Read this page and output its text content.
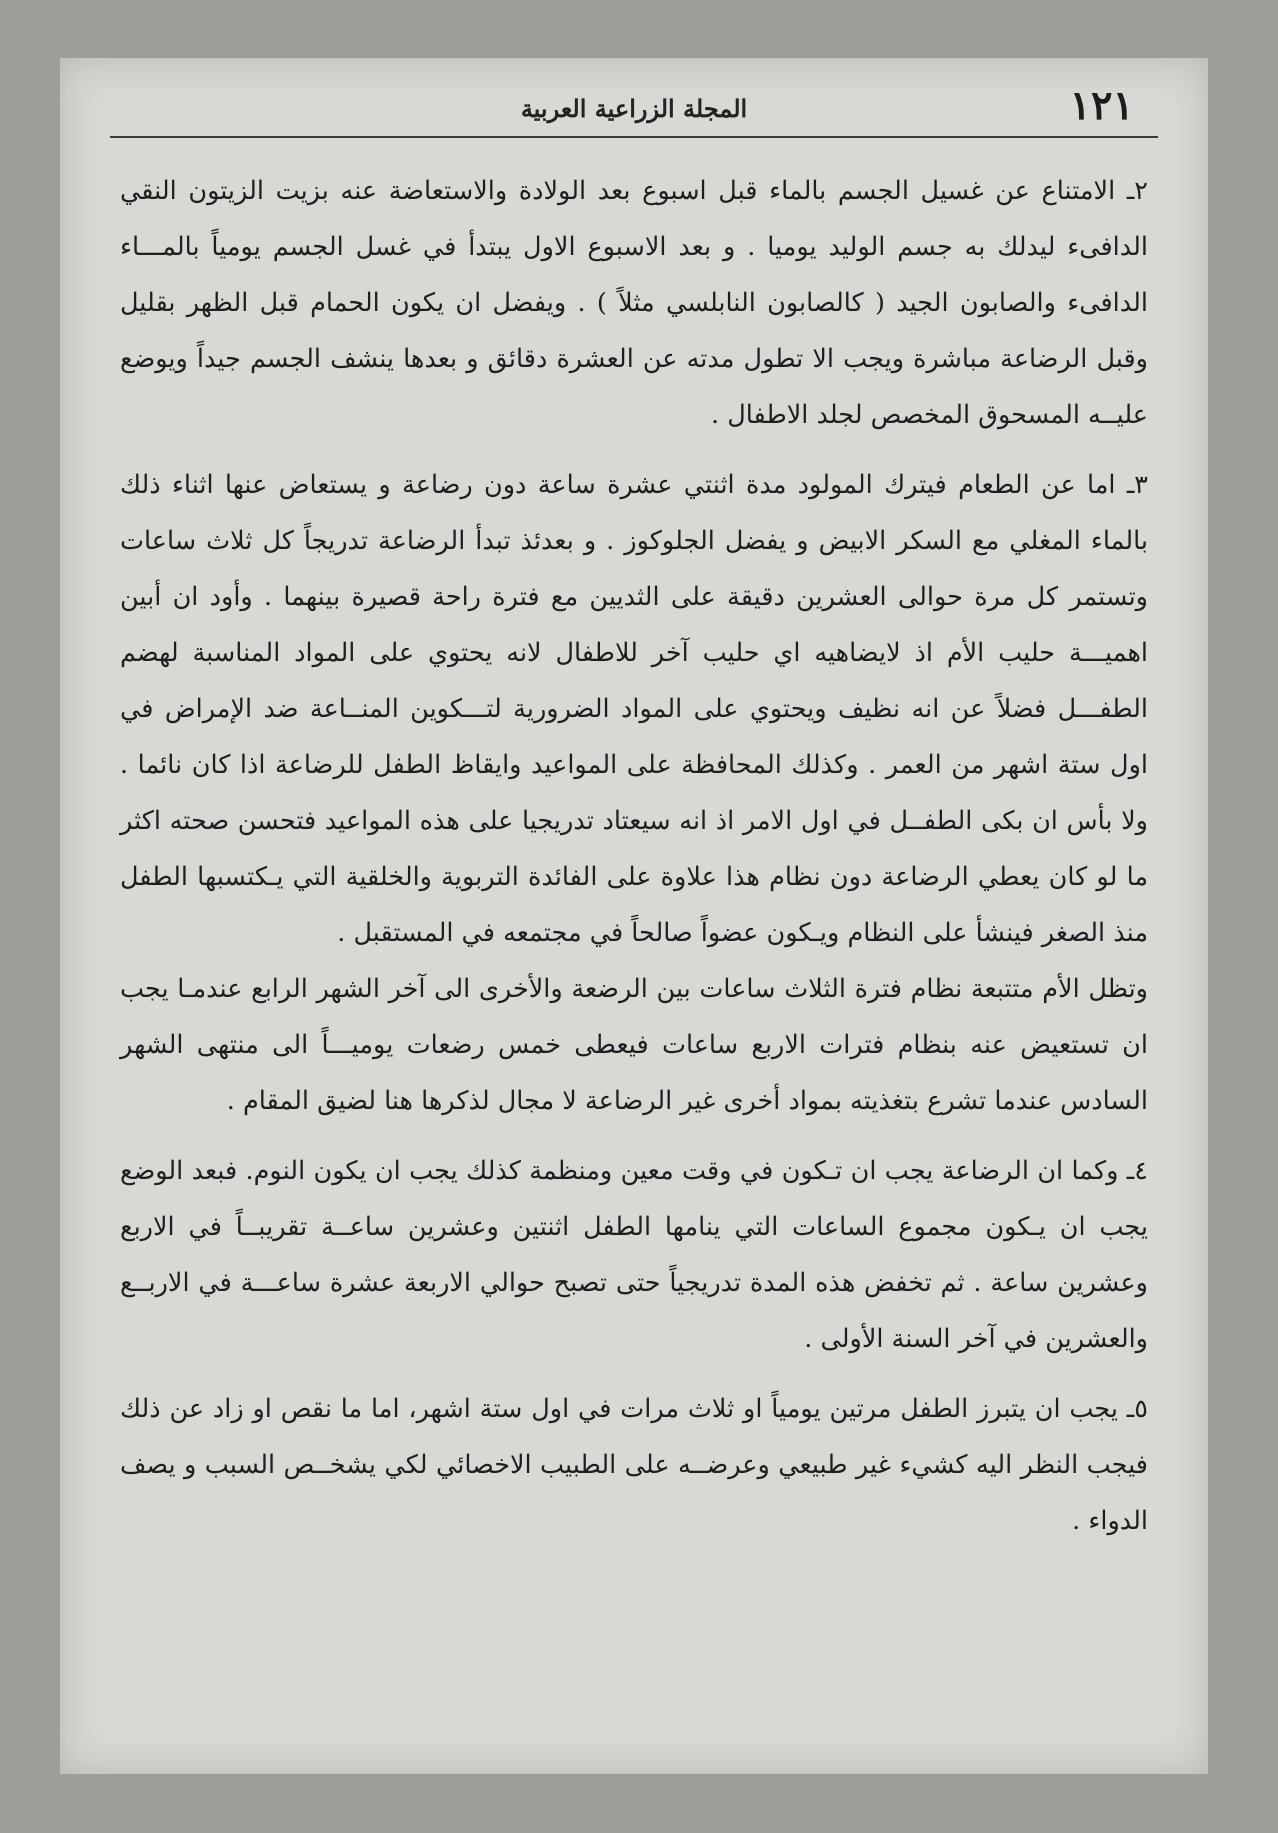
١٢١
المجلة الزراعية العربية

٢ـ الامتناع عن غسيل الجسم بالماء قبل اسبوع بعد الولادة والاستعاضة عنه بزيت الزيتون النقي الدافىء ليدلك به جسم الوليد يوميا . و بعد الاسبوع الاول يبتدأ في غسل الجسم يومياً بالمـــاء الدافىء والصابون الجيد ( كالصابون النابلسي مثلاً ) . ويفضل ان يكون الحمام قبل الظهر بقليل وقبل الرضاعة مباشرة ويجب الا تطول مدته عن العشرة دقائق و بعدها ينشف الجسم جيداً ويوضع عليــه المسحوق المخصص لجلد الاطفال .

٣ـ اما عن الطعام فيترك المولود مدة اثنتي عشرة ساعة دون رضاعة و يستعاض عنها اثناء ذلك بالماء المغلي مع السكر الابيض و يفضل الجلوكوز . و بعدئذ تبدأ الرضاعة تدريجاً كل ثلاث ساعات وتستمر كل مرة حوالى العشرين دقيقة على الثديين مع فترة راحة قصيرة بينهما . وأود ان أبين اهميـــة حليب الأم اذ لايضاهيه اي حليب آخر للاطفال لانه يحتوي على المواد المناسبة لهضم الطفـــل فضلاً عن انه نظيف ويحتوي على المواد الضرورية لتـــكوين المنــاعة ضد الإمراض في اول ستة اشهر من العمر . وكذلك المحافظة على المواعيد وايقاظ الطفل للرضاعة اذا كان نائما . ولا بأس ان بكى الطفــل في اول الامر اذ انه سيعتاد تدريجيا على هذه المواعيد فتحسن صحته اكثر ما لو كان يعطي الرضاعة دون نظام هذا علاوة على الفائدة التربوية والخلقية التي يـكتسبها الطفل منذ الصغر فينشأ على النظام ويـكون عضواً صالحاً في مجتمعه في المستقبل .

وتظل الأم متتبعة نظام فترة الثلاث ساعات بين الرضعة والأخرى الى آخر الشهر الرابع عندمـا يجب ان تستعيض عنه بنظام فترات الاربع ساعات فيعطى خمس رضعات يوميـــاً الى منتهى الشهر السادس عندما تشرع بتغذيته بمواد أخرى غير الرضاعة لا مجال لذكرها هنا لضيق المقام .

٤ـ وكما ان الرضاعة يجب ان تـكون في وقت معين ومنظمة كذلك يجب ان يكون النوم. فبعد الوضع يجب ان يـكون مجموع الساعات التي ينامها الطفل اثنتين وعشرين ساعــة تقريبــاً في الاربع وعشرين ساعة . ثم تخفض هذه المدة تدريجياً حتى تصبح حوالي الاربعة عشرة ساعـــة في الاربــع والعشرين في آخر السنة الأولى .

٥ـ يجب ان يتبرز الطفل مرتين يومياً او ثلاث مرات في اول ستة اشهر، اما ما نقص او زاد عن ذلك فيجب النظر اليه كشيء غير طبيعي وعرضــه على الطبيب الاخصائي لكي يشخــص السبب و يصف الدواء .
